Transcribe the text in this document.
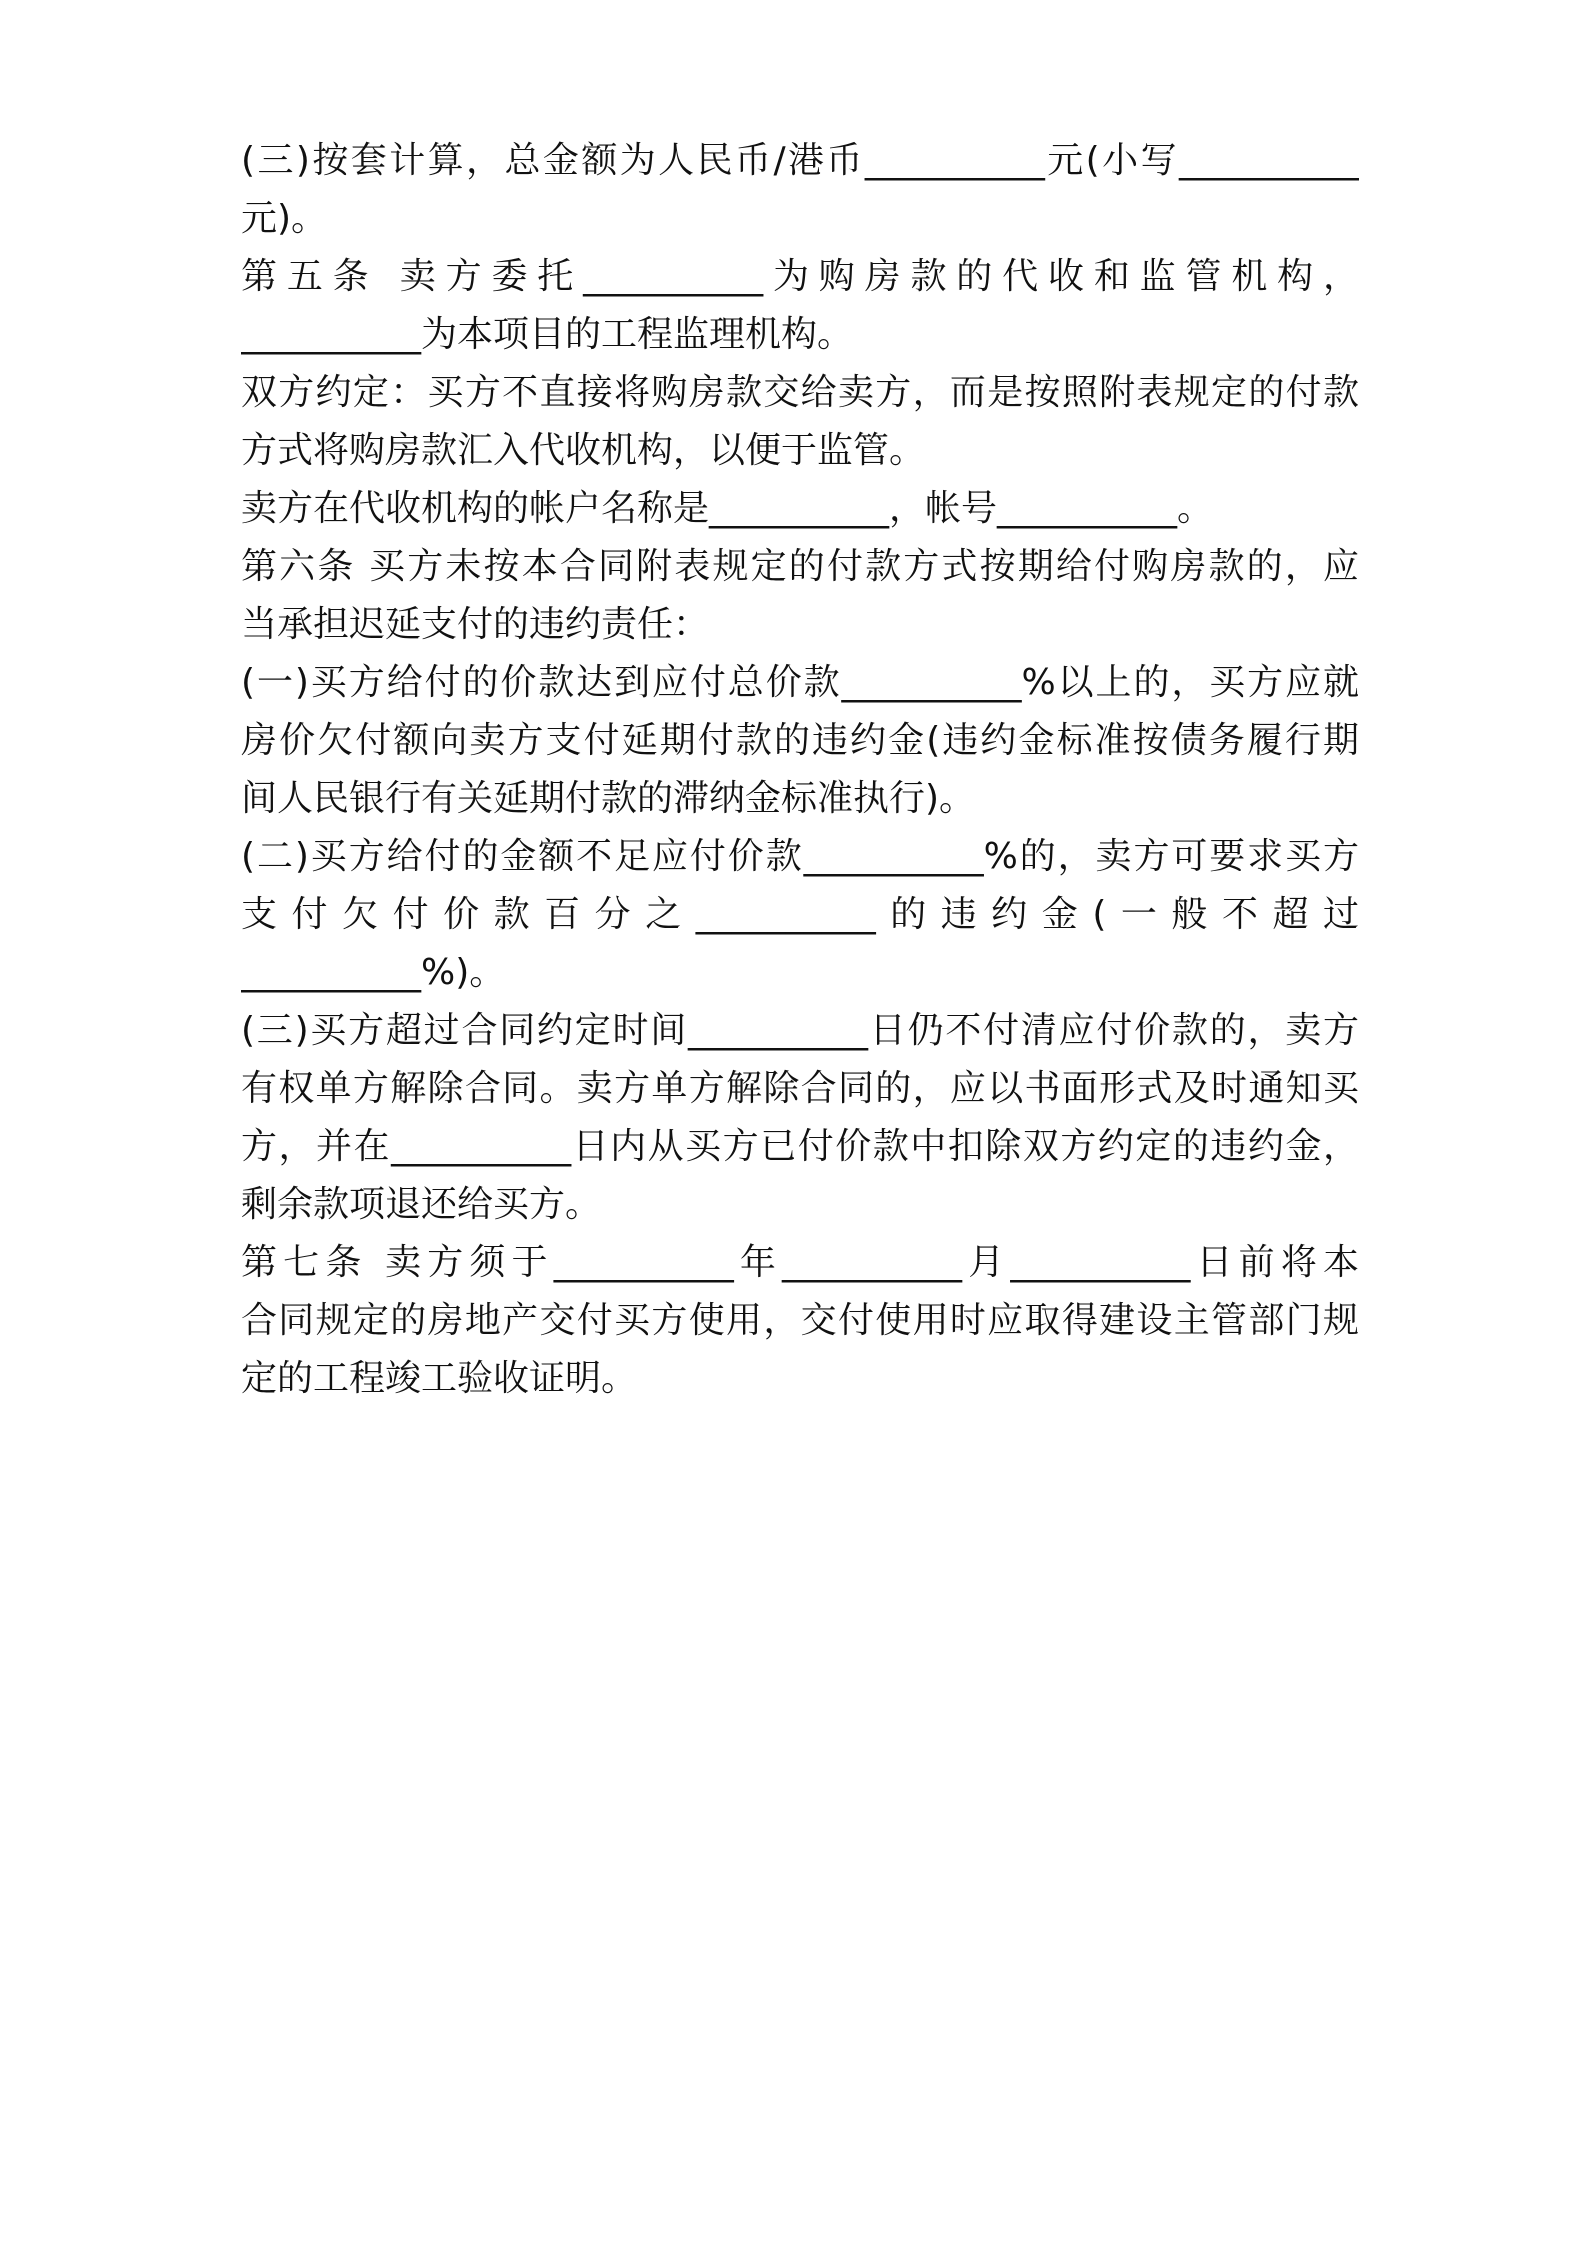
(三)按套计算，总金额为人民币/港币__________元(小写__________
元)。
第五条 卖方委托__________为购房款的代收和监管机构，
__________为本项目的工程监理机构。
双方约定：买方不直接将购房款交给卖方，而是按照附表规定的付款
方式将购房款汇入代收机构，以便于监管。
卖方在代收机构的帐户名称是__________，帐号__________。
第六条 买方未按本合同附表规定的付款方式按期给付购房款的，应
当承担迟延支付的违约责任：
(一)买方给付的价款达到应付总价款__________%以上的，买方应就
房价欠付额向卖方支付延期付款的违约金(违约金标准按债务履行期
间人民银行有关延期付款的滞纳金标准执行)。
(二)买方给付的金额不足应付价款__________%的，卖方可要求买方
支付欠付价款百分之__________的违约金(一般不超过
__________%)。
(三)买方超过合同约定时间__________日仍不付清应付价款的，卖方
有权单方解除合同。卖方单方解除合同的，应以书面形式及时通知买
方，并在__________日内从买方已付价款中扣除双方约定的违约金，
剩余款项退还给买方。
第七条 卖方须于__________年__________月__________日前将本
合同规定的房地产交付买方使用，交付使用时应取得建设主管部门规
定的工程竣工验收证明。
